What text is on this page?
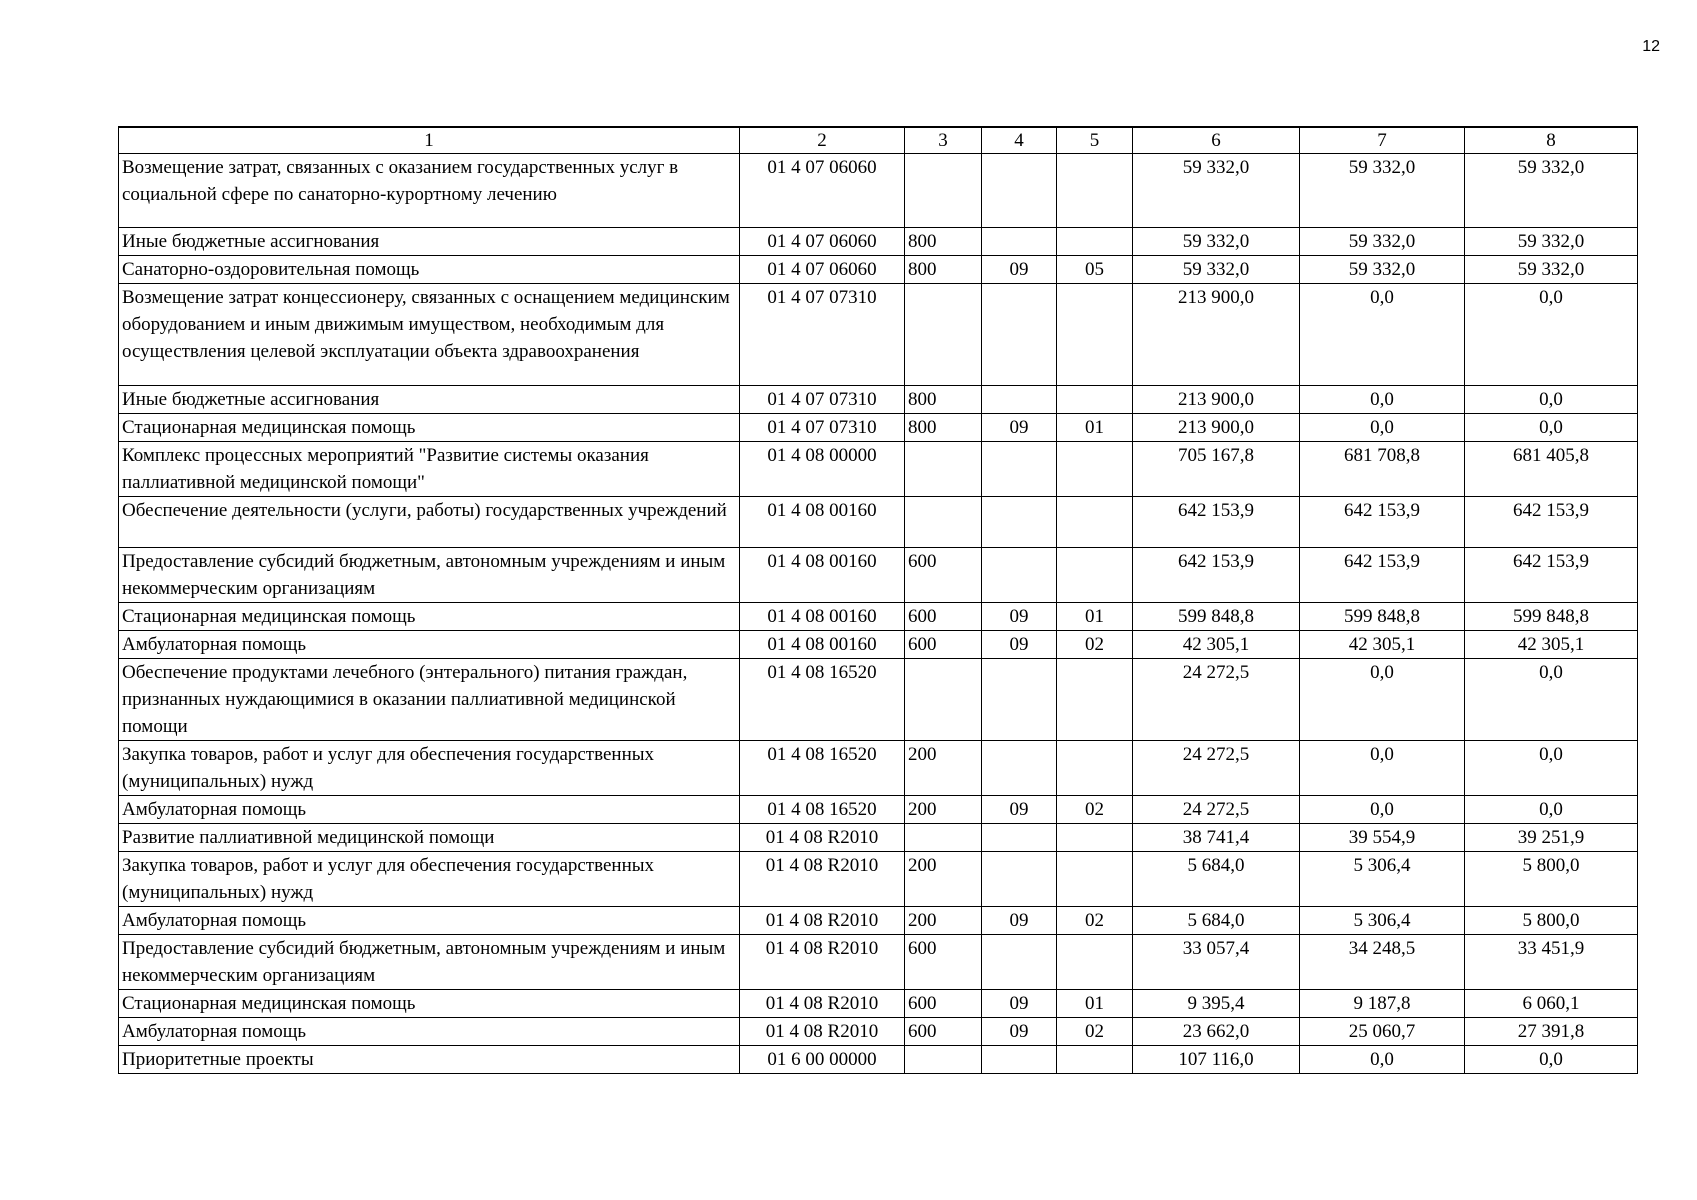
12
1	2	3	4	5	6	7	8
Возмещение затрат, связанных с оказанием государственных услуг в социальной сфере по санаторно-курортному лечению	01 4 07 06060				59 332,0	59 332,0	59 332,0
Иные бюджетные ассигнования	01 4 07 06060	800			59 332,0	59 332,0	59 332,0
Санаторно-оздоровительная помощь	01 4 07 06060	800	09	05	59 332,0	59 332,0	59 332,0
Возмещение затрат концессионеру, связанных с оснащением медицинским оборудованием и иным движимым имуществом, необходимым для осуществления целевой эксплуатации объекта здравоохранения	01 4 07 07310				213 900,0	0,0	0,0
Иные бюджетные ассигнования	01 4 07 07310	800			213 900,0	0,0	0,0
Стационарная медицинская помощь	01 4 07 07310	800	09	01	213 900,0	0,0	0,0
Комплекс процессных мероприятий "Развитие системы оказания паллиативной медицинской помощи"	01 4 08 00000				705 167,8	681 708,8	681 405,8
Обеспечение деятельности (услуги, работы) государственных учреждений	01 4 08 00160				642 153,9	642 153,9	642 153,9
Предоставление субсидий бюджетным, автономным учреждениям и иным некоммерческим организациям	01 4 08 00160	600			642 153,9	642 153,9	642 153,9
Стационарная медицинская помощь	01 4 08 00160	600	09	01	599 848,8	599 848,8	599 848,8
Амбулаторная помощь	01 4 08 00160	600	09	02	42 305,1	42 305,1	42 305,1
Обеспечение продуктами лечебного (энтерального) питания граждан, признанных нуждающимися в оказании паллиативной медицинской помощи	01 4 08 16520				24 272,5	0,0	0,0
Закупка товаров, работ и услуг для обеспечения государственных (муниципальных) нужд	01 4 08 16520	200			24 272,5	0,0	0,0
Амбулаторная помощь	01 4 08 16520	200	09	02	24 272,5	0,0	0,0
Развитие паллиативной медицинской помощи	01 4 08 R2010				38 741,4	39 554,9	39 251,9
Закупка товаров, работ и услуг для обеспечения государственных (муниципальных) нужд	01 4 08 R2010	200			5 684,0	5 306,4	5 800,0
Амбулаторная помощь	01 4 08 R2010	200	09	02	5 684,0	5 306,4	5 800,0
Предоставление субсидий бюджетным, автономным учреждениям и иным некоммерческим организациям	01 4 08 R2010	600			33 057,4	34 248,5	33 451,9
Стационарная медицинская помощь	01 4 08 R2010	600	09	01	9 395,4	9 187,8	6 060,1
Амбулаторная помощь	01 4 08 R2010	600	09	02	23 662,0	25 060,7	27 391,8
Приоритетные проекты	01 6 00 00000				107 116,0	0,0	0,0
